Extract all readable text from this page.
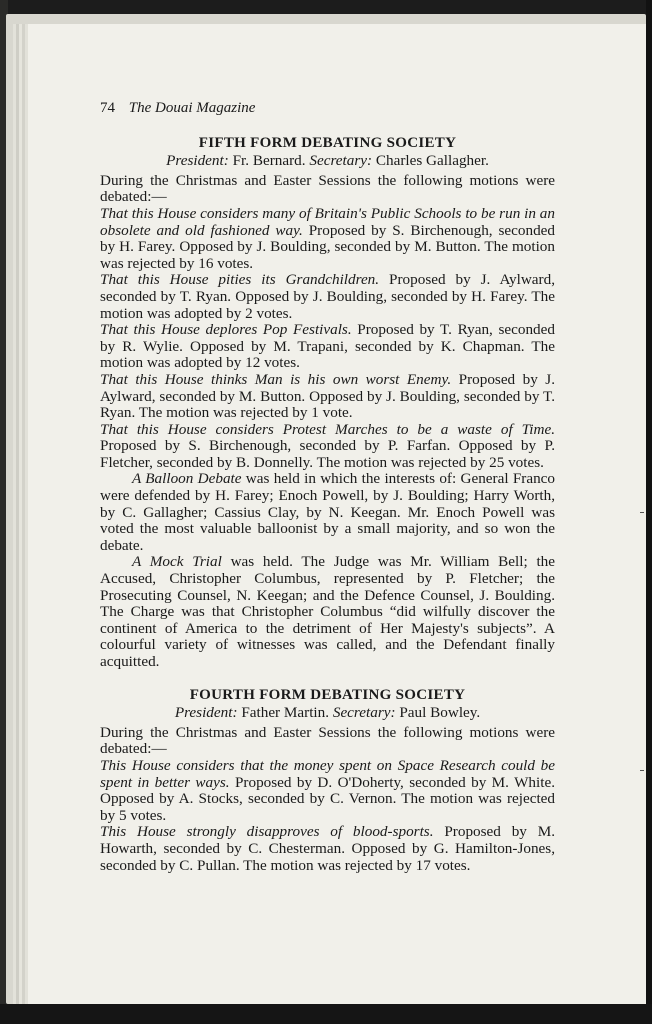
74 The Douai Magazine
FIFTH FORM DEBATING SOCIETY

President: Fr. Bernard. Secretary: Charles Gallagher.

During the Christmas and Easter Sessions the following motions were debated:—

That this House considers many of Britain's Public Schools to be run in an obsolete and old fashioned way. Proposed by S. Birchenough, seconded by H. Farey. Opposed by J. Boulding, seconded by M. Button. The motion was rejected by 16 votes.

That this House pities its Grandchildren. Proposed by J. Aylward, seconded by T. Ryan. Opposed by J. Boulding, seconded by H. Farey. The motion was adopted by 2 votes.

That this House deplores Pop Festivals. Proposed by T. Ryan, seconded by R. Wylie. Opposed by M. Trapani, seconded by K. Chapman. The motion was adopted by 12 votes.

That this House thinks Man is his own worst Enemy. Proposed by J. Aylward, seconded by M. Button. Opposed by J. Boulding, seconded by T. Ryan. The motion was rejected by 1 vote.

That this House considers Protest Marches to be a waste of Time. Proposed by S. Birchenough, seconded by P. Farfan. Opposed by P. Fletcher, seconded by B. Donnelly. The motion was rejected by 25 votes.

A Balloon Debate was held in which the interests of: General Franco were defended by H. Farey; Enoch Powell, by J. Boulding; Harry Worth, by C. Gallagher; Cassius Clay, by N. Keegan. Mr. Enoch Powell was voted the most valuable balloonist by a small majority, and so won the debate.

A Mock Trial was held. The Judge was Mr. William Bell; the Accused, Christopher Columbus, represented by P. Fletcher; the Prosecuting Counsel, N. Keegan; and the Defence Counsel, J. Boulding. The Charge was that Christopher Columbus “did wilfully discover the continent of America to the detriment of Her Majesty's subjects”. A colourful variety of witnesses was called, and the Defendant finally acquitted.

FOURTH FORM DEBATING SOCIETY

President: Father Martin. Secretary: Paul Bowley.

During the Christmas and Easter Sessions the following motions were debated:—

This House considers that the money spent on Space Research could be spent in better ways. Proposed by D. O'Doherty, seconded by M. White. Opposed by A. Stocks, seconded by C. Vernon. The motion was rejected by 5 votes.

This House strongly disapproves of blood-sports. Proposed by M. Howarth, seconded by C. Chesterman. Opposed by G. Hamilton-Jones, seconded by C. Pullan. The motion was rejected by 17 votes.
